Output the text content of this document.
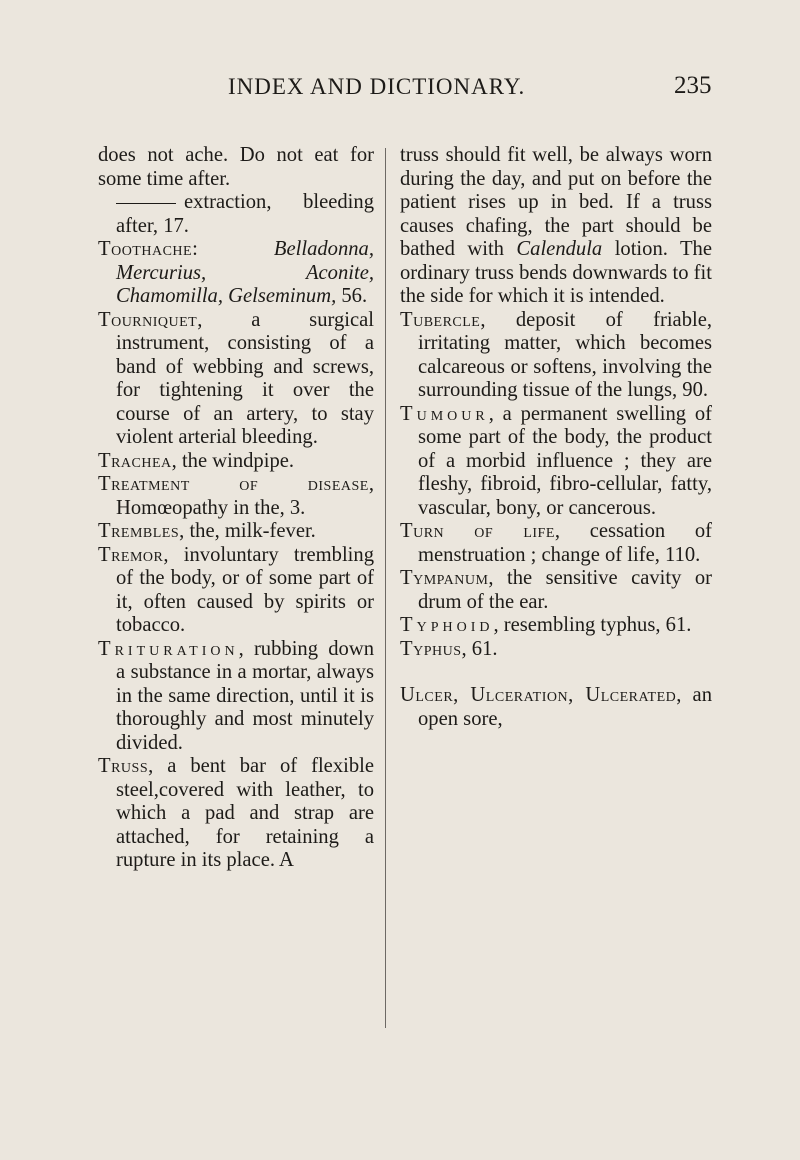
INDEX AND DICTIONARY.	235

does not ache. Do not eat for some time after.

extraction, bleeding after, 17.

Toothache​: Belladonna, Mercurius, Aconite, Chamomilla, Gelseminum, 56.

Tourniquet, a surgical instrument, consisting of a band of webbing and screws, for tightening it over the course of an artery, to stay violent arterial bleeding.

Trachea, the windpipe.

Treatment of disease, Homœopathy in the, 3.

Trembles, the, milk-fever.

Tremor, involuntary trembling of the body, or of some part of it, often caused by spirits or tobacco.

Trituration, rubbing down a substance in a mortar, always in the same direction, until it is thoroughly and most minutely divided.

Truss, a bent bar of flexible steel,covered with leather, to which a pad and strap are attached, for retaining a rupture in its place. A

truss should fit well, be always worn during the day, and put on before the patient rises up in bed. If a truss causes chafing, the part should be bathed with Calendula lotion. The ordinary truss bends downwards to fit the side for which it is intended.

Tubercle, deposit of friable, irritating matter, which becomes calcareous or softens, involving the surrounding tissue of the lungs, 90.

Tumour, a permanent swelling of some part of the body, the product of a morbid influence ; they are fleshy, fibroid, fibro-cellular, fatty, vascular, bony, or cancerous.

Turn of life, cessation of menstruation ; change of life, 110.

Tympanum, the sensitive cavity or drum of the ear.

Typhoid, resembling typhus, 61.

Typhus, 61.

Ulcer, Ulceration, Ulcerated, an open sore,
